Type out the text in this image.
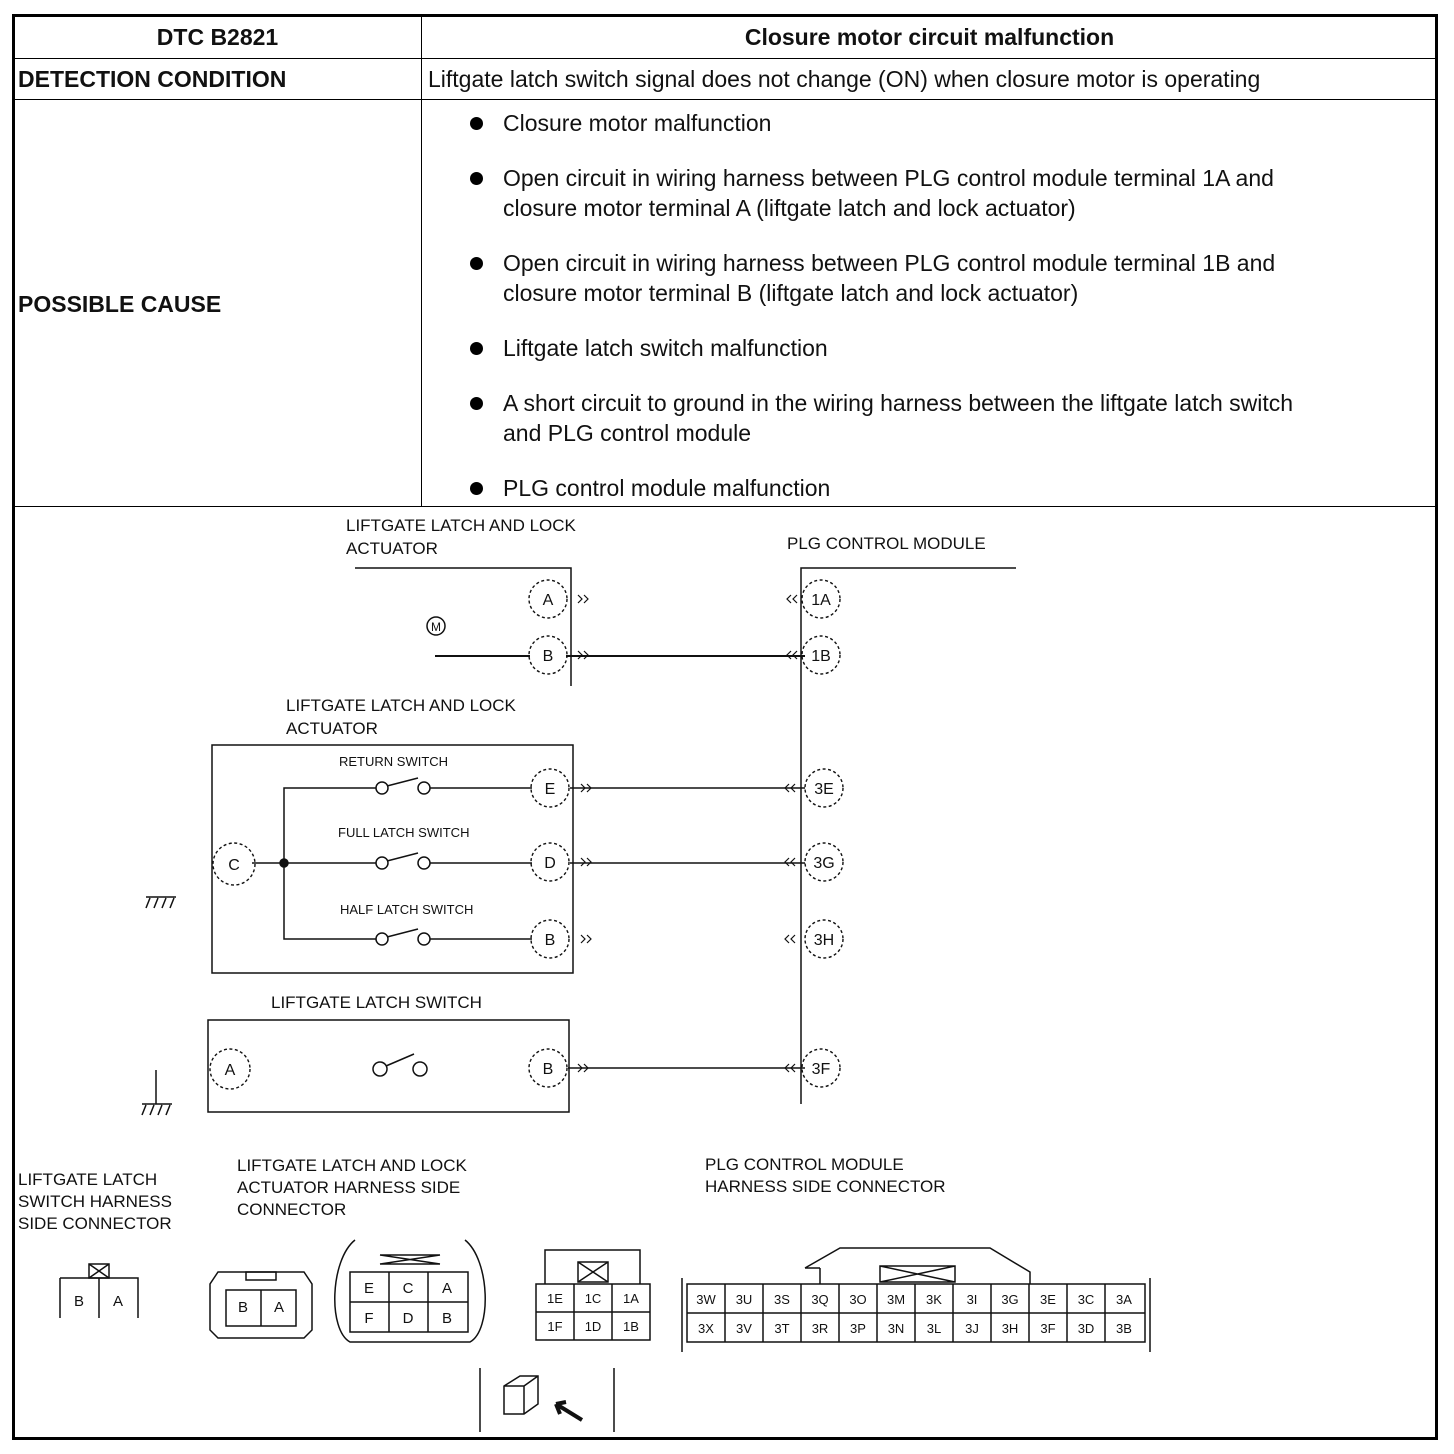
DTC B2821	Closure motor circuit malfunction
DETECTION CONDITION	Liftgate latch switch signal does not change (ON) when closure motor is operating
POSSIBLE CAUSE
Closure motor malfunction
Open circuit in wiring harness between PLG control module terminal 1A and
closure motor terminal A (liftgate latch and lock actuator)
Open circuit in wiring harness between PLG control module terminal 1B and
closure motor terminal B (liftgate latch and lock actuator)
Liftgate latch switch malfunction
A short circuit to ground in the wiring harness between the liftgate latch switch
and PLG control module
PLG control module malfunction
LIFTGATE LATCH AND LOCK
ACTUATOR	PLG CONTROL MODULE
LIFTGATE LATCH AND LOCK
ACTUATOR
LIFTGATE LATCH SWITCH
RETURN SWITCH
FULL LATCH SWITCH
HALF LATCH SWITCH
M
A
B
1A
1B
3E
3G
3H
3F
C
E
D
B
A	B
LIFTGATE LATCH
SWITCH HARNESS
SIDE CONNECTOR
LIFTGATE LATCH AND LOCK
ACTUATOR HARNESS SIDE
CONNECTOR
PLG CONTROL MODULE
HARNESS SIDE CONNECTOR
B A	B A
E C A
F D B
1E 1C 1A
1F 1D 1B
3W 3U 3S 3Q 3O 3M 3K 3I 3G 3E 3C 3A
3X 3V 3T 3R 3P 3N 3L 3J 3H 3F 3D 3B
